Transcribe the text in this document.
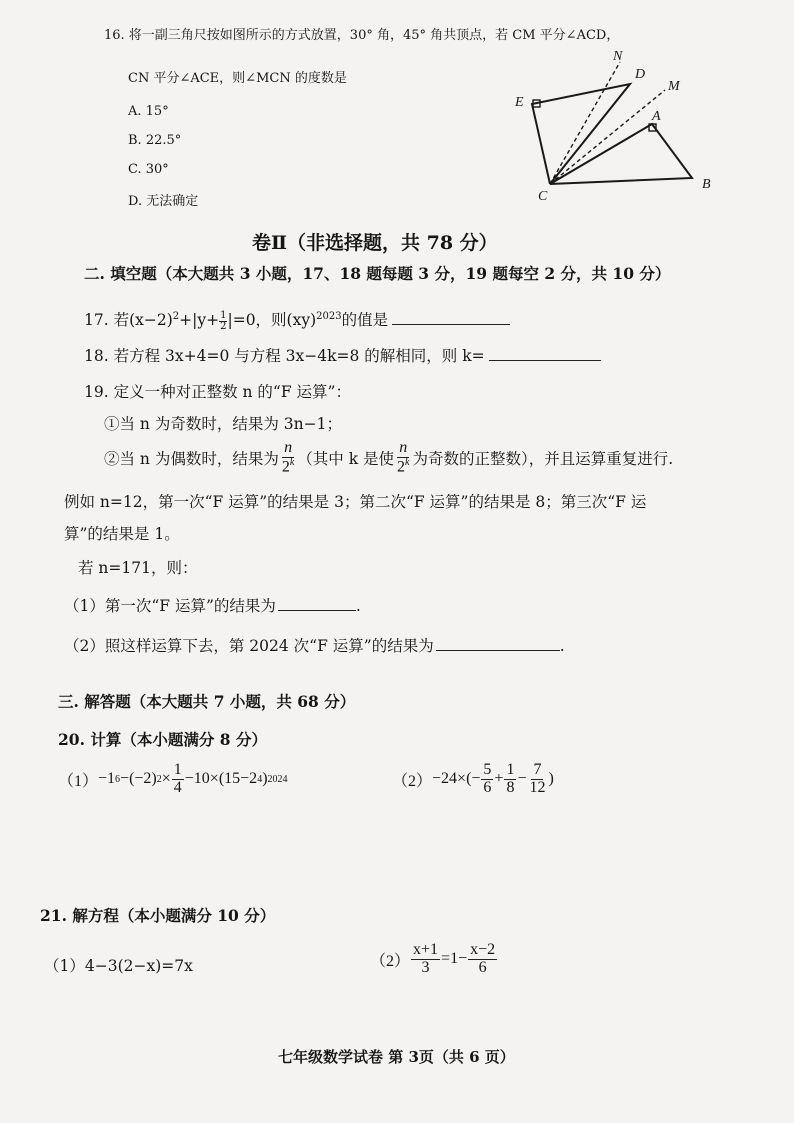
16. 将一副三角尺按如图所示的方式放置，30° 角，45° 角共顶点，若 CM 平分∠ACD，
CN 平分∠ACE，则∠MCN 的度数是
A. 15°
B. 22.5°
C. 30°
D. 无法确定
N
D
M
E
A
C
B
卷Ⅱ（非选择题，共 78 分）
二. 填空题（本大题共 3 小题，17、18 题每题 3 分，19 题每空 2 分，共 10 分）
17. 若$(x-2)^2+|y+ \frac{1}{2} |=0$，则(xy)$^{2023}$的值是
18. 若方程 3x+4=0 与方程 3x−4k=8 的解相同，则 k=
19. 定义一种对正整数 n 的“F 运算”：
①当 n 为奇数时，结果为 3n−1；
②当 n 为偶数时，结果为 $\frac{n}{2^k}$ （其中 k 是使 $\frac{n}{2^k}$ 为奇数的正整数），并且运算重复进行.
例如 n=12，第一次“F 运算”的结果是 3；第二次“F 运算”的结果是 8；第三次“F 运
算”的结果是 1。
若 n=171，则：
（1）第一次“F 运算”的结果为	.
（2）照这样运算下去，第 2024 次“F 运算”的结果为	.
三. 解答题（本大题共 7 小题，共 68 分）
20. 计算（本小题满分 8 分）
（1） −1 6 −(−2) $2 \times \frac{1}{4} -10\times(15-2$ 4 ) 2024	$(2) -24\times(- \frac{5}{6} + \frac{1}{8} - \frac{7}{12}$ )
21. 解方程（本小题满分 10 分）
（1）4−3(2−x)=7x	$(2) \frac{x+1}{3} =1- \frac{x-2}{6}$
七年级数学试卷 第 3页（共 6 页）
